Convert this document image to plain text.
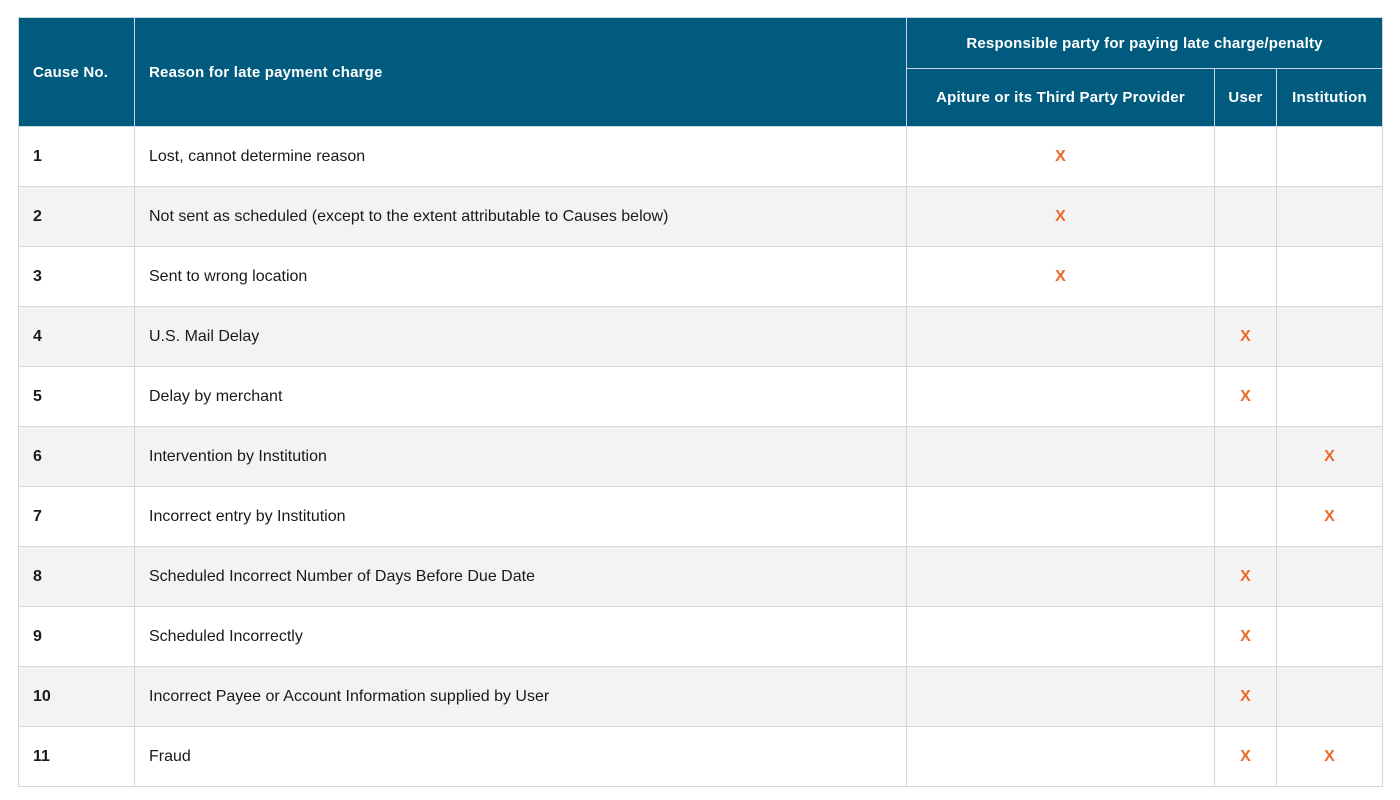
Cause No.	Reason for late payment charge	Responsible party for paying late charge/penalty		
		Apiture or its Third Party Provider	User	Institution
1	Lost, cannot determine reason	X		
2	Not sent as scheduled (except to the extent attributable to Causes below)	X		
3	Sent to wrong location	X		
4	U.S. Mail Delay		X	
5	Delay by merchant		X	
6	Intervention by Institution			X
7	Incorrect entry by Institution			X
8	Scheduled Incorrect Number of Days Before Due Date		X	
9	Scheduled Incorrectly		X	
10	Incorrect Payee or Account Information supplied by User		X	
11	Fraud		X	X
